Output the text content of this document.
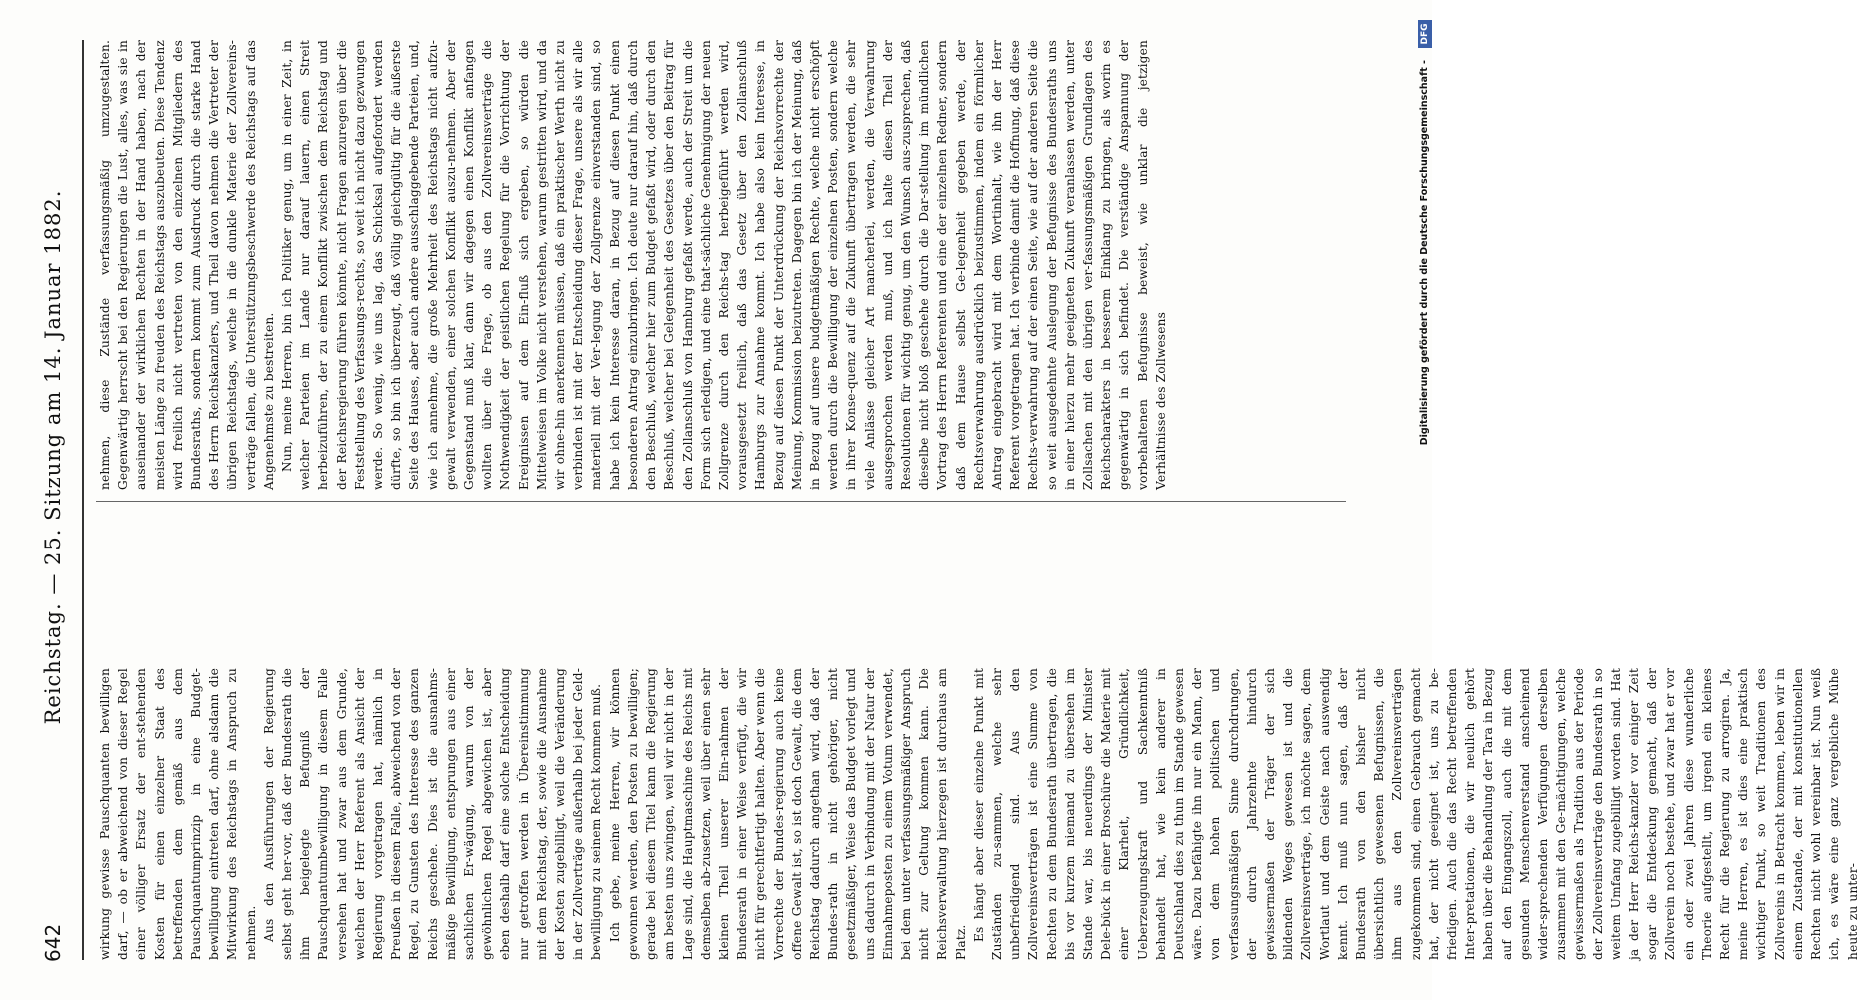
642
Reichstag. — 25. Sitzung am 14. Januar 1882.

wirkung gewisse Pauschquanten bewilligen darf, — ob er abweichend von dieser Regel einer völliger Ersatz der ent-stehenden Kosten für einen einzelner Staat des betreffenden dem gemäß aus dem Pauschquantumprinzip in eine Budget-bewilligung eintreten darf, ohne alsdann die Mitwirkung des Reichstags in Anspruch zu nehmen. Aus den Ausführungen der Regierung selbst geht her-vor, daß der Bundesrath die ihm beigelegte Befugniß der Pauschquantumbewilligung in diesem Falle versehen hat und zwar aus dem Grunde, welchen der Herr Referent als Ansicht der Regierung vorgetragen hat, nämlich in Preußen in diesem Falle, abweichend von der Regel, zu Gunsten des Interesse des ganzen Reichs geschehe. Dies ist die ausnahms-mäßige Bewilligung, entsprungen aus einer sachlichen Er-wägung, warum von der gewöhnlichen Regel abgewichen ist, aber eben deshalb darf eine solche Entscheidung nur getroffen werden in Übereinstimmung mit dem Reichstag, der, sowie die Ausnahme der Kosten zugebilligt, weil die Veränderung in der Zollverträge außerhalb bei jeder Geld-bewilligung zu seinem Recht kommen muß. Ich gebe, meine Herren, wir können gewonnen werden, den Posten zu bewilligen; gerade bei diesem Titel kann die Regierung am besten uns zwingen, weil wir nicht in der Lage sind, die Hauptmaschine des Reichs mit demselben ab-zusetzen, weil über einen sehr kleinen Theil unserer Ein-nahmen der Bundesrath in einer Weise verfügt, die wir nicht für gerechtfertigt halten. Aber wenn die Vorrechte der Bundes-regierung auch keine offene Gewalt ist, so ist doch Gewalt, die dem Reichstag dadurch angethan wird, daß der Bundes-rath in nicht gehöriger, nicht gesetzmäßiger, Weise das Budget vorlegt und uns dadurch in Verbindung mit der Natur der Einnahmeposten zu einem Votum verwendet, bei dem unter verfassungsmäßiger Anspruch nicht zur Geltung kommen kann. Die Reichsverwaltung hierzegen ist durchaus am Platz.

Es hängt aber dieser einzelne Punkt mit Zuständen zu-sammen, welche sehr unbefriedigend sind. Aus den Zollvereinsverträgen ist eine Summe von Rechten zu dem Bundesrath übertragen, die bis vor kurzem niemand zu übersehen im Stande war, bis neuerdings der Minister Dele-bück in einer Broschüre die Materie mit einer Klarheit, Gründlichkeit, Ueberzeugungskraft und Sachkenntniß behandelt hat, wie kein anderer in Deutschland dies zu thun im Stande gewesen wäre. Dazu befähigte ihn nur ein Mann, der von dem hohen politischen und verfassungsmäßigen Sinne durchdrungen, der durch Jahrzehnte hindurch gewissermaßen der Träger der sich bildenden Weges gewesen ist und die Zollvereinsverträge, ich möchte sagen, dem Wortlaut und dem Geiste nach auswendig kennt. Ich muß nun sagen, daß der Bundesrath von den bisher nicht übersichtlich gewesenen Befugnissen, die ihm aus den Zollvereinsverträgen zugekommen sind, einen Gebrauch gemacht hat, der nicht geeignet ist, uns zu be-friedigen. Auch die das Recht betreffenden Inter-pretationen, die wir neulich gehört haben über die Behandlung der Tara in Bezug auf den Eingangszoll, auch die mit dem gesunden Menschenverstand anscheinend wider-sprechenden Verfügungen derselben zusammen mit den Ge-mächtigungen, welche gewissermaßen als Tradition aus der Periode der Zollvereinsverträge den Bundesrath in so weitem Umfang zugebilligt worden sind. Hat ja der Herr Reichs-kanzler vor einiger Zeit sogar die Entdeckung gemacht, daß der Zollverein noch bestehe, und zwar hat er vor ein oder zwei Jahren diese wunderliche Theorie aufgestellt, um irgend ein kleines Recht für die Regierung zu arrogiren. Ja, meine Herren, es ist dies eine praktisch wichtiger Punkt, so weit Traditionen des Zollvereins in Betracht kommen, leben wir in einem Zustande, der mit konstitutionellen Rechten nicht wohl vereinbar ist. Nun weiß ich, es wäre eine ganz vergebliche Mühe heute zu unter-

nehmen, diese Zustände verfassungsmäßig umzugestalten. Gegenwärtig herrscht bei den Regierungen die Lust, alles, was sie in auseinander der wirklichen Rechten in der Hand haben, nach der meisten Länge zu freuden des Reichstags auszubeuten. Diese Tendenz wird freilich nicht vertreten von den einzelnen Mitgliedern des Bundesraths, sondern kommt zum Ausdruck durch die starke Hand des Herrn Reichskanzlers, und Theil davon nehmen die Vertreter der übrigen Reichstags, welche in die dunkle Materie der Zollvereins-verträge fallen, die Unterstützungsbeschwerde des Reichstags auf das Angenehmste zu bestreiten. Nun, meine Herren, bin ich Politiker genug, um in einer Zeit, in welcher Parteien im Lande nur darauf lauern, einen Streit herbeizuführen, der zu einem Konflikt zwischen dem Reichstag und der Reichsregierung führen könnte, nicht Fragen anzuregen über die Feststellung des Verfassungs-rechts, so weit ich nicht dazu gezwungen werde. So wenig, wie uns lag, das Schicksal aufgefordert werden dürfte, so bin ich überzeugt, daß völlig gleichgültig für die äußerste Seite des Hauses, aber auch andere ausschlaggebende Parteien, und, wie ich annehme, die große Mehrheit des Reichstags nicht aufzu-gewalt verwenden, einer solchen Konflikt auszu-nehmen. Aber der Gegenstand muß klar, dann wir dagegen einen Konflikt anfangen wollten über die Frage, ob aus den Zollvereinsverträge die Nothwendigkeit der geistlichen Regelung für die Vorrichtung der Ereignissen auf dem Ein-fluß sich ergeben, so würden die Mittelweisen im Volke nicht verstehen, warum gestritten wird, und da wir ohne-hin anerkennen müssen, daß ein praktischer Werth nicht zu verbinden ist mit der Entscheidung dieser Frage, unsere als wir alle materiell mit der Ver-legung der Zollgrenze einverstanden sind, so habe ich kein Interesse daran, in Bezug auf diesen Punkt einen besonderen Antrag einzubringen. Ich deute nur darauf hin, daß durch den Beschluß, welcher hier zum Budget gefaßt wird, oder durch den Beschluß, welcher bei Gelegenheit des Gesetzes über den Beitrag für den Zollanschluß von Hamburg gefaßt werde, auch der Streit um die Form sich erledigen, und eine that-sächliche Genehmigung der neuen Zollgrenze durch den Reichs-tag herbeigeführt werden wird, vorausgesetzt freilich, daß das Gesetz über den Zollanschluß Hamburgs zur Annahme kommt. Ich habe also kein Interesse, in Bezug auf diesen Punkt der Unterdrückung der Reichsvorrechte der Meinung, Kommission beizutreten. Dagegen bin ich der Meinung, daß in Bezug auf unsere budgetmäßigen Rechte, welche nicht erschöpft werden durch die Bewilligung der einzelnen Posten, sondern welche in ihrer Konse-quenz auf die Zukunft übertragen werden, die sehr viele Anlässe gleicher Art mancherlei, werden, die Verwahrung ausgesprochen werden muß, und ich halte diesen Theil der Resolutionen für wichtig genug, um den Wunsch aus-zusprechen, daß dieselbe nicht bloß geschehe durch die Dar-stellung im mündlichen Vortrag des Herrn Referenten und eine der einzelnen Redner, sondern daß dem Hause selbst Ge-legenheit gegeben werde, der Rechtsverwahrung ausdrücklich beizustimmen, indem ein förmlicher Antrag eingebracht wird mit dem Wortinhalt, wie ihn der Herr Referent vorgetragen hat. Ich verbinde damit die Hoffnung, daß diese Rechts-verwahrung auf der einen Seite, wie auf der anderen Seite die so weit ausgedehnte Auslegung der Befugnisse des Bundesraths uns in einer hierzu mehr geeigneten Zukunft veranlassen werden, unter Zollsachen mit den übrigen ver-fassungsmäßigen Grundlagen des Reichscharakters in besserem Einklang zu bringen, als worin es gegenwärtig in sich befindet. Die verständige Anspannung der vorbehaltenen Befugnisse beweist, wie unklar die jetzigen Verhältnisse des Zollwesens

DFG
Digitalisierung gefördert durch die Deutsche Forschungsgemeinschaft -
